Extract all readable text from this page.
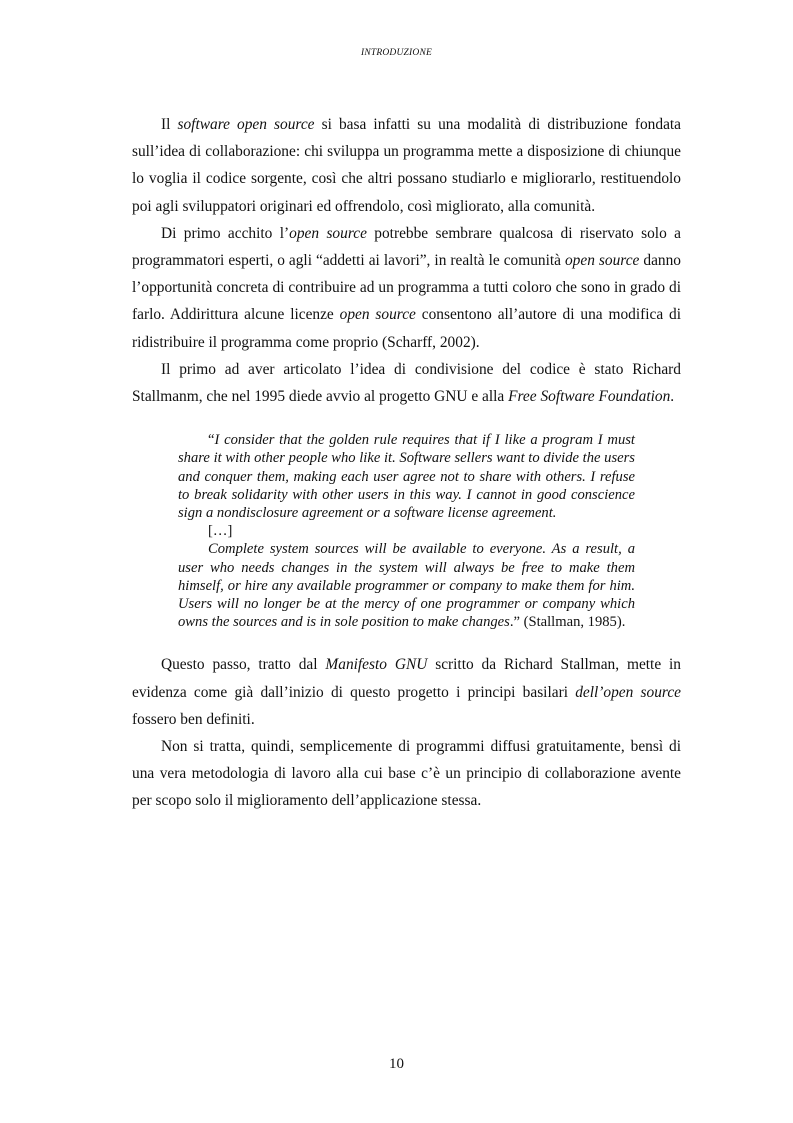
INTRODUZIONE

Il software open source si basa infatti su una modalità di distribuzione fondata sull’idea di collaborazione: chi sviluppa un programma mette a disposizione di chiunque lo voglia il codice sorgente, così che altri possano studiarlo e migliorarlo, restituendolo poi agli sviluppatori originari ed offrendolo, così migliorato, alla comunità.

Di primo acchito l’open source potrebbe sembrare qualcosa di riservato solo a programmatori esperti, o agli “addetti ai lavori”, in realtà le comunità open source danno l’opportunità concreta di contribuire ad un programma a tutti coloro che sono in grado di farlo. Addirittura alcune licenze open source consentono all’autore di una modifica di ridistribuire il programma come proprio (Scharff, 2002).

Il primo ad aver articolato l’idea di condivisione del codice è stato Richard Stallmanm, che nel 1995 diede avvio al progetto GNU e alla Free Software Foundation.

“I consider that the golden rule requires that if I like a program I must share it with other people who like it. Software sellers want to divide the users and conquer them, making each user agree not to share with others. I refuse to break solidarity with other users in this way. I cannot in good conscience sign a nondisclosure agreement or a software license agreement.

[…]

Complete system sources will be available to everyone. As a result, a user who needs changes in the system will always be free to make them himself, or hire any available programmer or company to make them for him. Users will no longer be at the mercy of one programmer or company which owns the sources and is in sole position to make changes.” (Stallman, 1985).

Questo passo, tratto dal Manifesto GNU scritto da Richard Stallman, mette in evidenza come già dall’inizio di questo progetto i principi basilari dell’open source fossero ben definiti.

Non si tratta, quindi, semplicemente di programmi diffusi gratuitamente, bensì di una vera metodologia di lavoro alla cui base c’è un principio di collaborazione avente per scopo solo il miglioramento dell’applicazione stessa.

10
